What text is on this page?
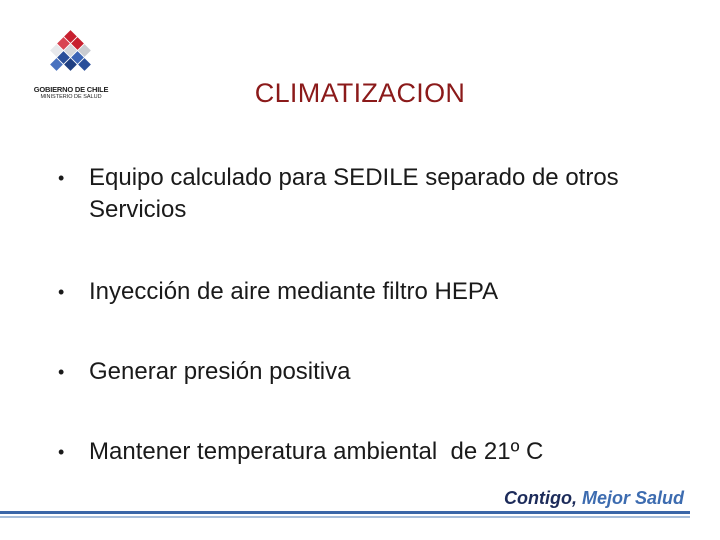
GOBIERNO DE CHILE
MINISTERIO DE SALUD	CLIMATIZACION
•	Equipo calculado para SEDILE separado de otros Servicios
•	Inyección de aire mediante filtro HEPA
•	Generar presión positiva
•	Mantener temperatura ambiental  de 21º C
Contigo, Mejor Salud
